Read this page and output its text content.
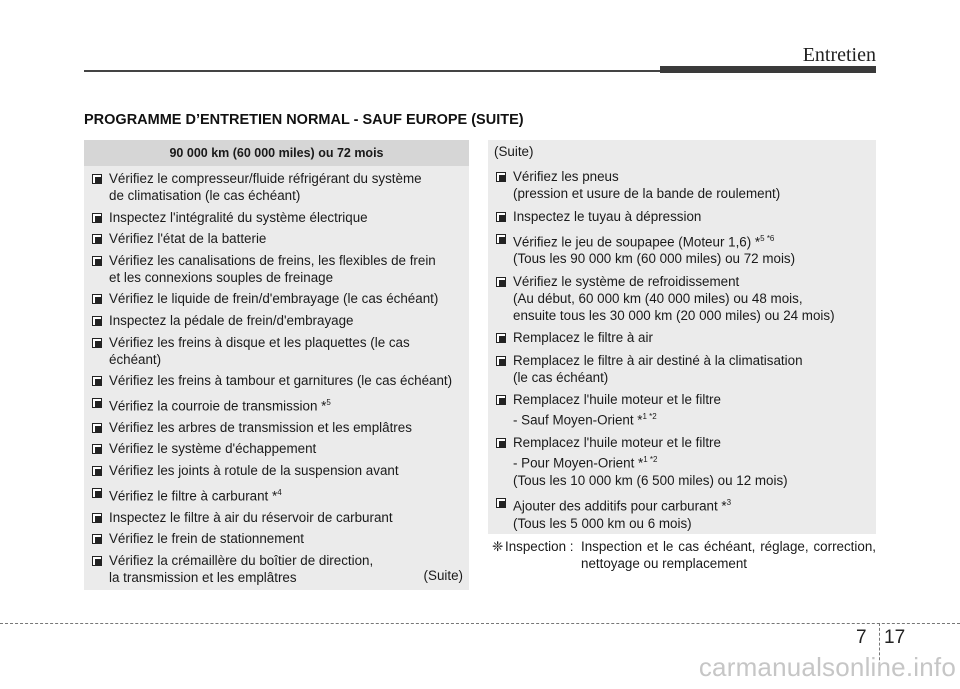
Entretien
PROGRAMME D’ENTRETIEN NORMAL - SAUF EUROPE (SUITE)
90 000 km (60 000 miles) ou 72 mois
Vérifiez le compresseur/fluide réfrigérant du système
de climatisation (le cas échéant)
Inspectez l'intégralité du système électrique
Vérifiez l'état de la batterie
Vérifiez les canalisations de freins, les flexibles de frein
et les connexions souples de freinage
Vérifiez le liquide de frein/d'embrayage (le cas échéant)
Inspectez la pédale de frein/d'embrayage
Vérifiez les freins à disque et les plaquettes (le cas échéant)
Vérifiez les freins à tambour et garnitures (le cas échéant)
Vérifiez la courroie de transmission *$^5$
Vérifiez les arbres de transmission et les emplâtres
Vérifiez le système d'échappement
Vérifiez les joints à rotule de la suspension avant
Vérifiez le filtre à carburant *$^4$
Inspectez le filtre à air du réservoir de carburant
Vérifiez le frein de stationnement
Vérifiez la crémaillère du boîtier de direction,
la transmission et les emplâtres	(Suite)
(Suite)
Vérifiez les pneus
(pression et usure de la bande de roulement)
Inspectez le tuyau à dépression
Vérifiez le jeu de soupapee (Moteur 1,6) *$^{5 *6}$
(Tous les 90 000 km (60 000 miles) ou 72 mois)
Vérifiez le système de refroidissement
(Au début, 60 000 km (40 000 miles) ou 48 mois,
ensuite tous les 30 000 km (20 000 miles) ou 24 mois)
Remplacez le filtre à air
Remplacez le filtre à air destiné à la climatisation
(le cas échéant)
Remplacez l'huile moteur et le filtre
- Sauf Moyen-Orient *$^{1 *2}$
Remplacez l'huile moteur et le filtre
- Pour Moyen-Orient *$^{1 *2}$
(Tous les 10 000 km (6 500 miles) ou 12 mois)
Ajouter des additifs pour carburant *$^3$
(Tous les 5 000 km ou 6 mois)
❈ Inspection : Inspection et le cas échéant, réglage, correction, nettoyage ou remplacement
7 17
carmanualsonline.info
